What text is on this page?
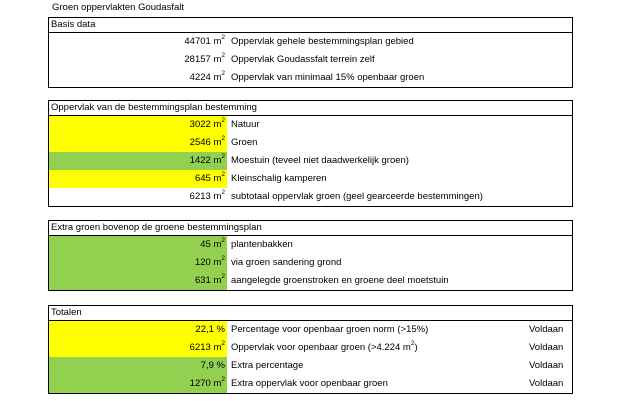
Groen oppervlakten Goudasfalt
Basis data
44701 $m^2$ Oppervlak gehele bestemmingsplan gebied
28157 $m^2$ Oppervlak Goudassfalt terrein zelf
4224 $m^2$ Oppervlak van minimaal 15% openbaar groen
Oppervlak van de bestemmingsplan bestemming
3022 $m^2$ Natuur
2546 $m^2$ Groen
1422 $m^2$ Moestuin (teveel niet daadwerkelijk groen)
645 $m^2$ Kleinschalig kamperen
6213 $m^2$ subtotaal oppervlak groen (geel gearceerde bestemmingen)
Extra groen bovenop de groene bestemmingsplan
45 $m^2$ plantenbakken
120 $m^2$ via groen sandering grond
631 $m^2$ aangelegde groenstroken en groene deel moetstuin
Totalen
22,1 % Percentage voor openbaar groen norm (>15%)	Voldaan
6213 $m^2$ Oppervlak voor openbaar groen (>4.224 $m^2$)	Voldaan
7,9 % Extra percentage	Voldaan
1270 $m^2$ Extra oppervlak voor openbaar groen	Voldaan
